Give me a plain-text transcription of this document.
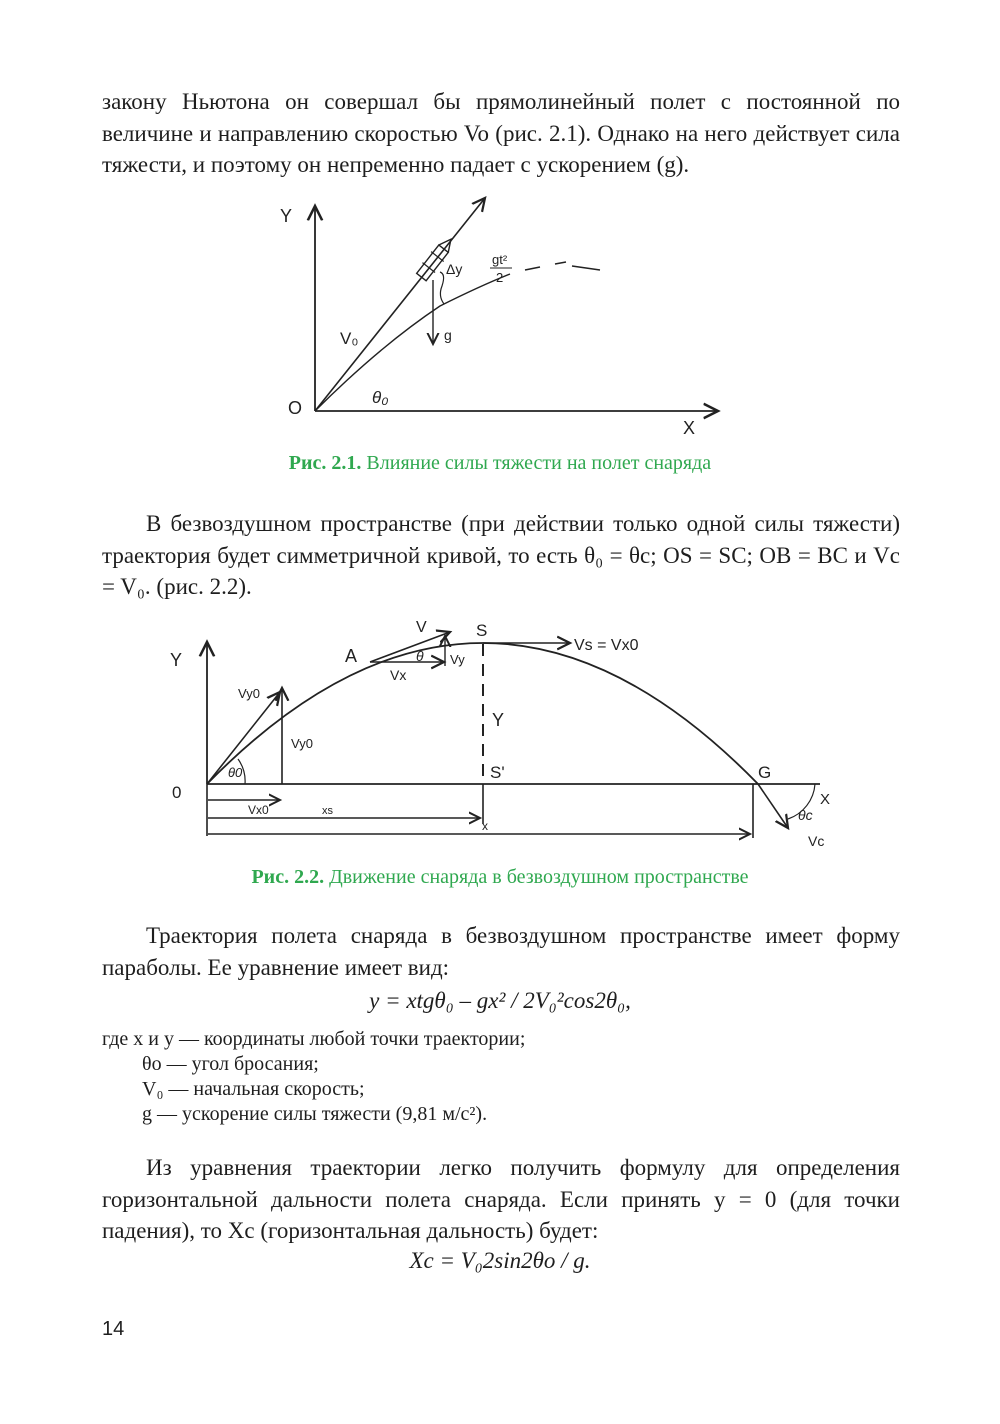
закону Ньютона он совершал бы прямолинейный полет с постоянной по величине и направлению скоростью Vo (рис. 2.1). Однако на него действует сила тяжести, и поэтому он непременно падает с ускорением (g).

Y
X
O
V₀
θ₀
Δy
g
gt²
2

Рис. 2.1. Влияние силы тяжести на полет снаряда

В безвоздушном пространстве (при действии только одной силы тяжести) траектория будет симметричной кривой, то есть θ₀ = θc; OS = SC; OB = BC и Vc = V₀. (рис. 2.2).

Y
X
0
A
S
S'	G
V
Vx
Vy
θ
Vs = Vx0
Vy0
Vy0
Y
θ0
Vx0	xs
x
θc
Vc

Рис. 2.2. Движение снаряда в безвоздушном пространстве

Траектория полета снаряда в безвоздушном пространстве имеет форму параболы. Ее уравнение имеет вид:

y = xtgθ₀ – gx² / 2V₀²cos2θ₀,

где x и y — координаты любой точки траектории;

θо — угол бросания;

V₀ — начальная скорость;

g — ускорение силы тяжести (9,81 м/с²).

Из уравнения траектории легко получить формулу для определения горизонтальной дальности полета снаряда. Если принять y = 0 (для точки падения), то Xc (горизонтальная дальность) будет:

Xc = V₀2sin2θo / g.

14
